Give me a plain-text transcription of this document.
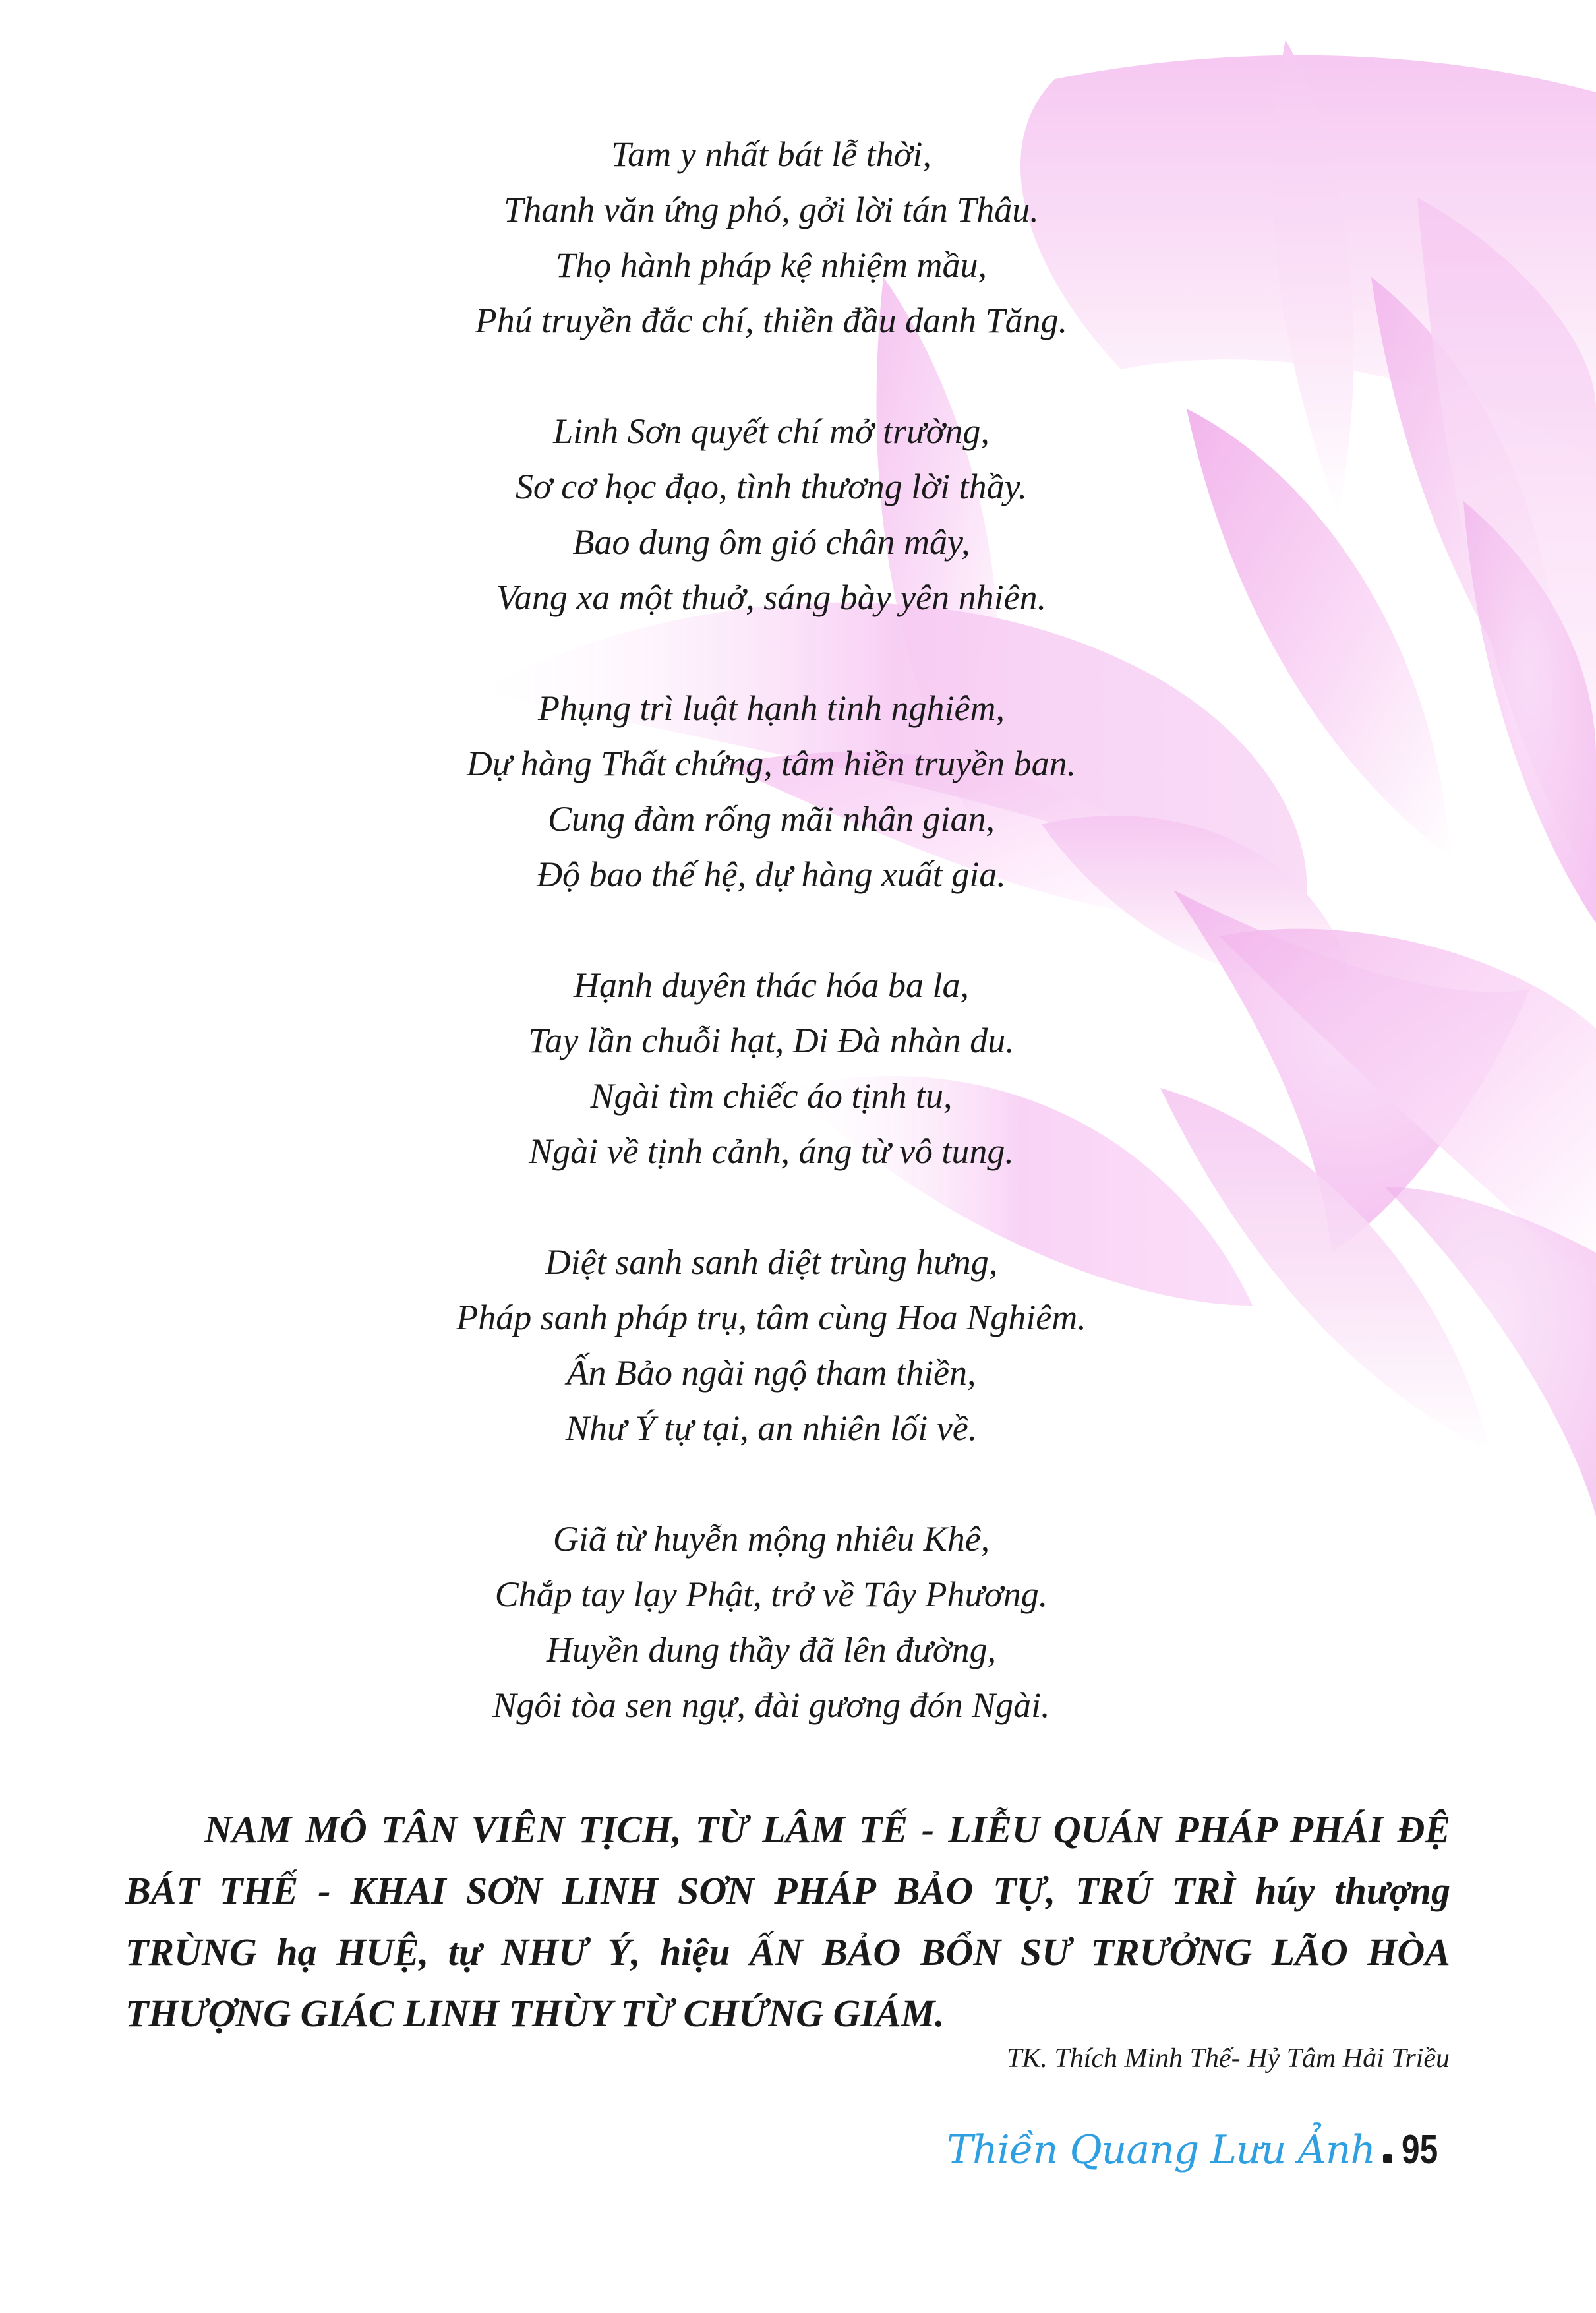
Tam y nhất bát lễ thời,
Thanh văn ứng phó, gởi lời tán Thâu.
Thọ hành pháp kệ nhiệm mầu,
Phú truyền đắc chí, thiền đầu danh Tăng.
Linh Sơn quyết chí mở trường,
Sơ cơ học đạo, tình thương lời thầy.
Bao dung ôm gió chân mây,
Vang xa một thuở, sáng bày yên nhiên.
Phụng trì luật hạnh tinh nghiêm,
Dự hàng Thất chứng, tâm hiền truyền ban.
Cung đàm rống mãi nhân gian,
Độ bao thế hệ, dự hàng xuất gia.
Hạnh duyên thác hóa ba la,
Tay lần chuỗi hạt, Di Đà nhàn du.
Ngài tìm chiếc áo tịnh tu,
Ngài về tịnh cảnh, áng từ vô tung.
Diệt sanh sanh diệt trùng hưng,
Pháp sanh pháp trụ, tâm cùng Hoa Nghiêm.
Ấn Bảo ngài ngộ tham thiền,
Như Ý tự tại, an nhiên lối về.
Giã từ huyễn mộng nhiêu Khê,
Chắp tay lạy Phật, trở về Tây Phương.
Huyền dung thầy đã lên đường,
Ngôi tòa sen ngự, đài gương đón Ngài.
NAM MÔ TÂN VIÊN TỊCH, TỪ LÂM TẾ - LIỄU QUÁN PHÁP PHÁI ĐỆ BÁT THẾ - KHAI SƠN LINH SƠN PHÁP BẢO TỰ, TRÚ TRÌ húy thượng TRÙNG hạ HUỆ, tự NHƯ Ý, hiệu ẤN BẢO BỔN SƯ TRƯỞNG LÃO HÒA THƯỢNG GIÁC LINH THÙY TỪ CHỨNG GIÁM.
TK. Thích Minh Thế- Hỷ Tâm Hải Triều
Thiền Quang Lưu Ảnh 95
